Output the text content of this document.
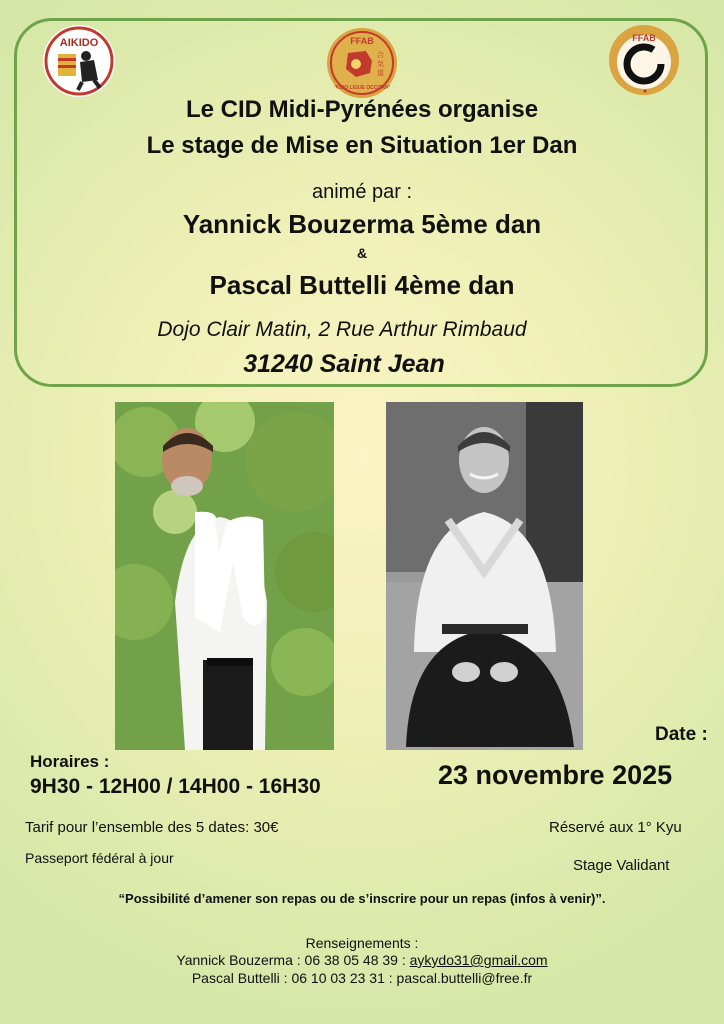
AIKIDO	FFAB
合
気
道
AIKIDO LIGUE OCCITANIE
FFAB
Le CID Midi-Pyrénées organise
Le stage de Mise en Situation 1er Dan
animé par :
Yannick Bouzerma 5ème dan
&
Pascal Buttelli 4ème dan
Dojo Clair Matin, 2 Rue Arthur Rimbaud
31240 Saint Jean
Horaires :
9H30 - 12H00 / 14H00 - 16H30
Date :
23 novembre 2025
Tarif pour l’ensemble des 5 dates: 30€	Réservé aux 1° Kyu
Passeport fédéral à jour	Stage Validant
“Possibilité d’amener son repas ou de s’inscrire pour un repas (infos à venir)”.
Renseignements :
Yannick Bouzerma : 06 38 05 48 39 : aykydo31@gmail.com
Pascal Buttelli : 06 10 03 23 31 : pascal.buttelli@free.fr
